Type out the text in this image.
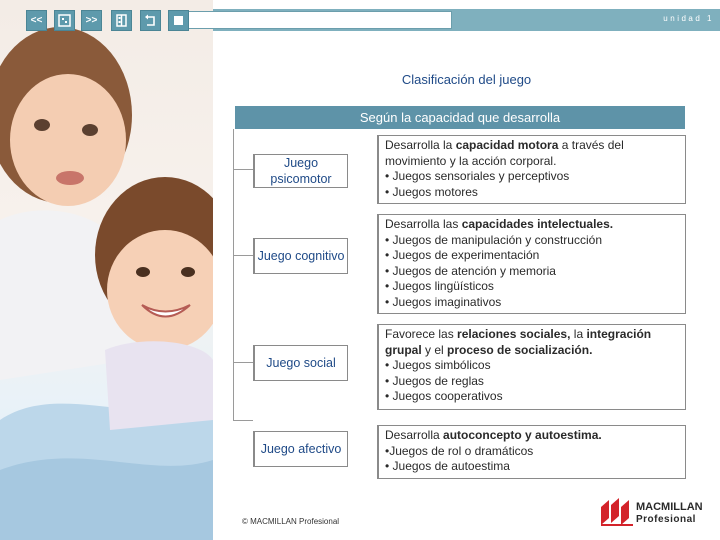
unidad 1
<<	>>
Clasificación del juego
Según la capacidad que desarrolla
Juego psicomotor

Desarrolla la capacidad motora a través del movimiento y la acción corporal.

• Juegos sensoriales y perceptivos
• Juegos motores
Juego cognitivo

Desarrolla las capacidades intelectuales.

• Juegos de manipulación y construcción
• Juegos de experimentación
• Juegos de atención y memoria
• Juegos lingüísticos
• Juegos imaginativos
Juego social

Favorece las relaciones sociales, la integración grupal y el proceso de socialización.

• Juegos simbólicos
• Juegos de reglas
• Juegos cooperativos
Juego afectivo

Desarrolla autoconcepto y autoestima.

•Juegos de rol o dramáticos
• Juegos de autoestima
© MACMILLAN Profesional
MACMILLAN
Profesional
